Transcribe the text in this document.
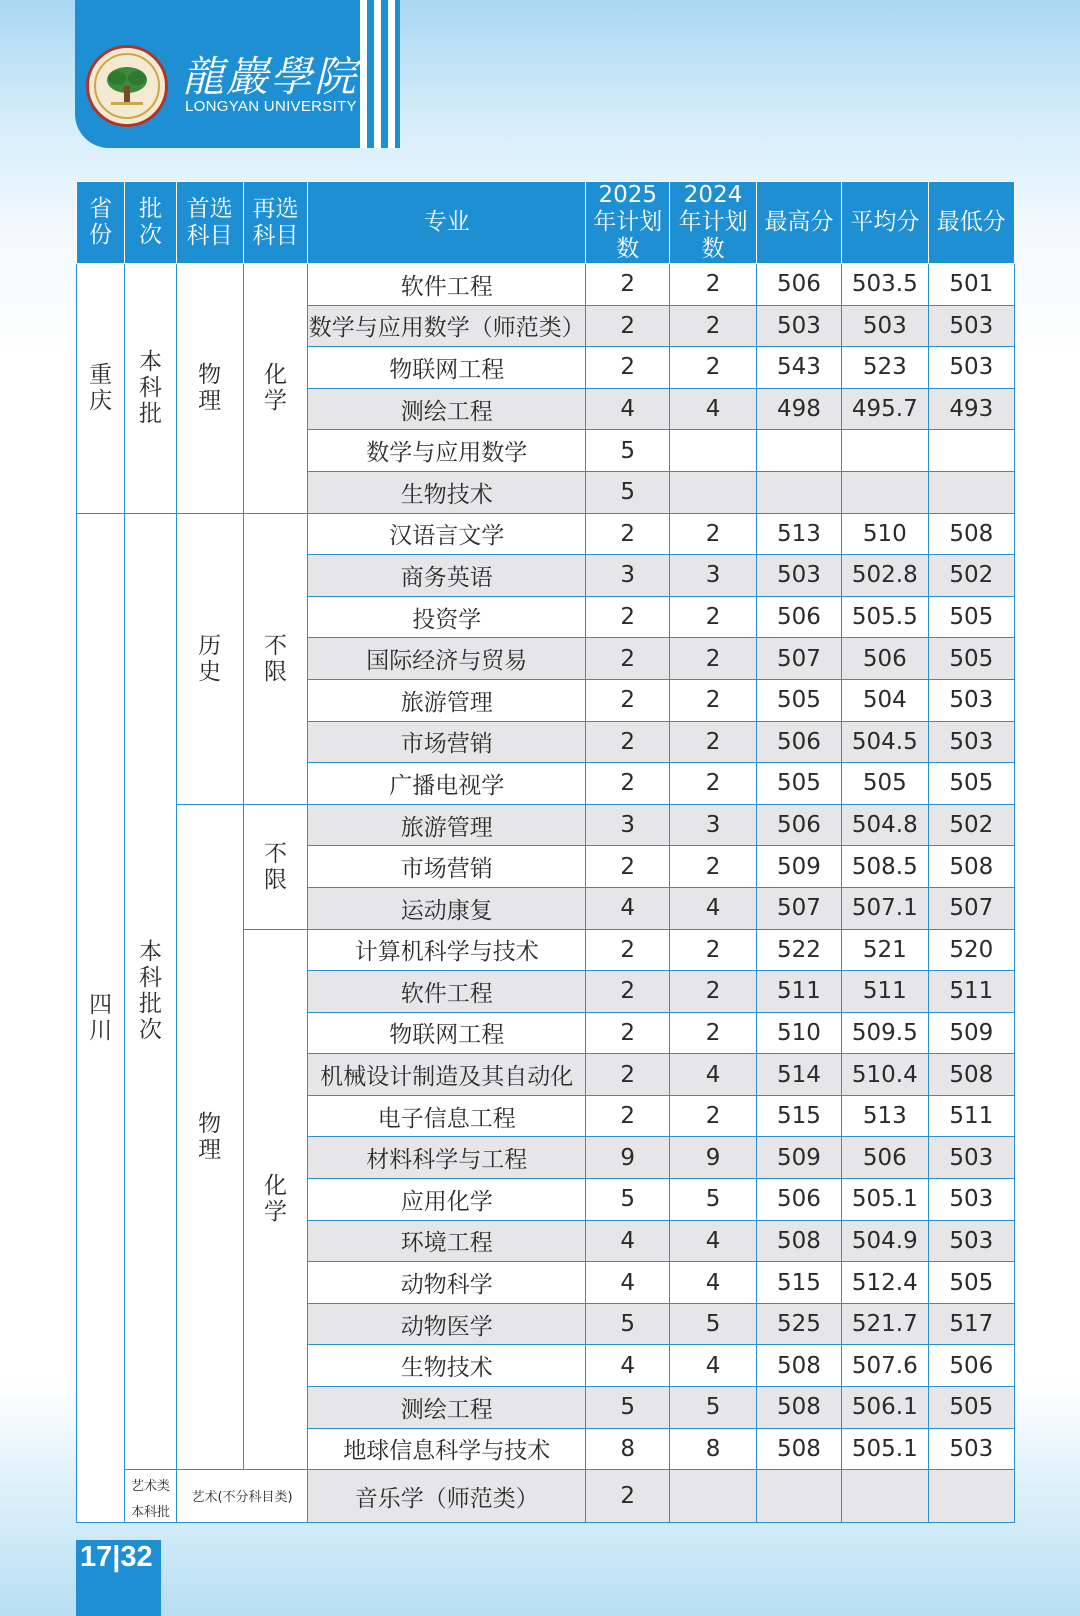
龍巖學院
LONGYAN UNIVERSITY
省份	批次	首选科目	再选科目	专业	2025年计划数	2024年计划数	最高分	平均分	最低分
重庆	本科批	物理	化学	软件工程	2	2	506	503.5	501
				数学与应用数学（师范类）	2	2	503	503	503
				物联网工程	2	2	543	523	503
				测绘工程	4	4	498	495.7	493
				数学与应用数学	5				
				生物技术	5				
四川	本科批次	历史	不限	汉语言文学	2	2	513	510	508
				商务英语	3	3	503	502.8	502
				投资学	2	2	506	505.5	505
				国际经济与贸易	2	2	507	506	505
				旅游管理	2	2	505	504	503
				市场营销	2	2	506	504.5	503
				广播电视学	2	2	505	505	505
		物理	不限	旅游管理	3	3	506	504.8	502
				市场营销	2	2	509	508.5	508
				运动康复	4	4	507	507.1	507
			化学	计算机科学与技术	2	2	522	521	520
				软件工程	2	2	511	511	511
				物联网工程	2	2	510	509.5	509
				机械设计制造及其自动化	2	4	514	510.4	508
				电子信息工程	2	2	515	513	511
				材料科学与工程	9	9	509	506	503
				应用化学	5	5	506	505.1	503
				环境工程	4	4	508	504.9	503
				动物科学	4	4	515	512.4	505
				动物医学	5	5	525	521.7	517
				生物技术	4	4	508	507.6	506
				测绘工程	5	5	508	506.1	505
				地球信息科学与技术	8	8	508	505.1	503
	艺术类本科批	艺术(不分科目类)		音乐学（师范类）	2				
17|32
